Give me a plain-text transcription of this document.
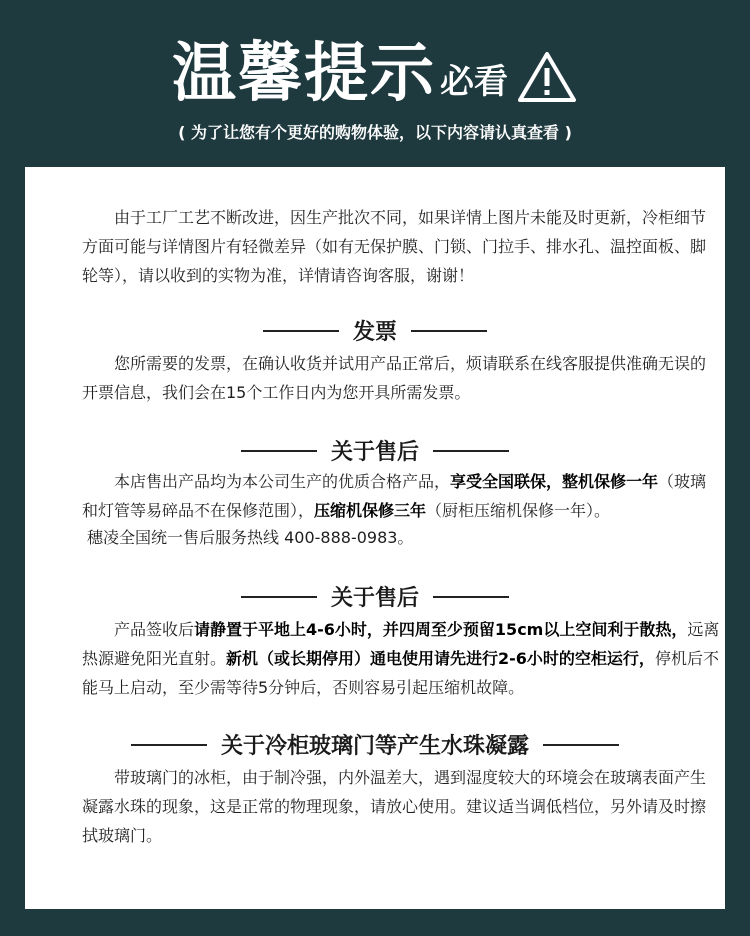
温馨提示 必看
( 为了让您有个更好的购物体验，以下内容请认真查看 )

由于工厂工艺不断改进，因生产批次不同，如果详情上图片未能及时更新，冷柜细节方面可能与详情图片有轻微差异（如有无保护膜、门锁、门拉手、排水孔、温控面板、脚轮等），请以收到的实物为准，详情请咨询客服，谢谢！

发票

您所需要的发票，在确认收货并试用产品正常后，烦请联系在线客服提供准确无误的开票信息，我们会在15个工作日内为您开具所需发票。

关于售后

本店售出产品均为本公司生产的优质合格产品，享受全国联保，整机保修一年（玻璃和灯管等易碎品不在保修范围），压缩机保修三年（厨柜压缩机保修一年）。

穗凌全国统一售后服务热线 400-888-0983。
关于售后

产品签收后请静置于平地上4-6小时，并四周至少预留15cm以上空间利于散热，远离热源避免阳光直射。新机（或长期停用）通电使用请先进行2-6小时的空柜运行，停机后不能马上启动，至少需等待5分钟后，否则容易引起压缩机故障。

关于冷柜玻璃门等产生水珠凝露

带玻璃门的冰柜，由于制冷强，内外温差大，遇到湿度较大的环境会在玻璃表面产生凝露水珠的现象，这是正常的物理现象，请放心使用。建议适当调低档位，另外请及时擦拭玻璃门。
